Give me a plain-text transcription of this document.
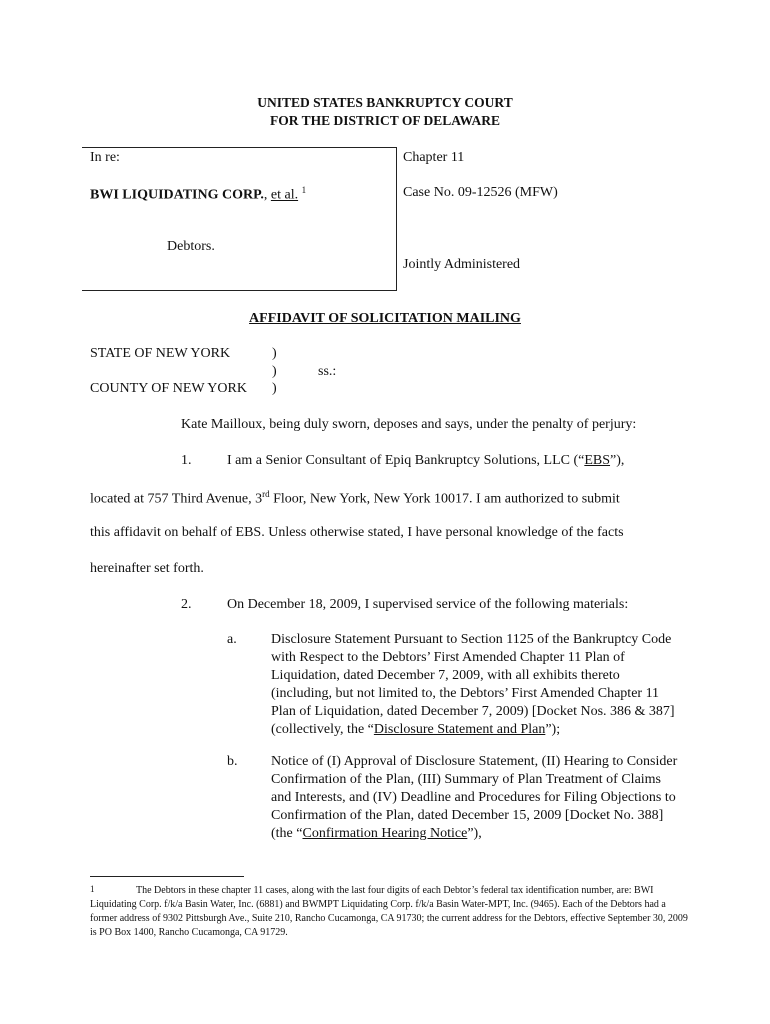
UNITED STATES BANKRUPTCY COURT
FOR THE DISTRICT OF DELAWARE
In re:
BWI LIQUIDATING CORP., et al. $^1$
Debtors.
Chapter 11
Case No. 09-12526 (MFW)
Jointly Administered
AFFIDAVIT OF SOLICITATION MAILING
STATE OF NEW YORK
COUNTY OF NEW YORK
)
)
)
ss.:
Kate Mailloux, being duly sworn, deposes and says, under the penalty of perjury:
1.	I am a Senior Consultant of Epiq Bankruptcy Solutions, LLC (“EBS”),
located at 757 Third Avenue, 3rd Floor, New York, New York 10017. I am authorized to submit
this affidavit on behalf of EBS. Unless otherwise stated, I have personal knowledge of the facts
hereinafter set forth.
2.	On December 18, 2009, I supervised service of the following materials:
a. Disclosure Statement Pursuant to Section 1125 of the Bankruptcy Code with Respect to the Debtors’ First Amended Chapter 11 Plan of Liquidation, dated December 7, 2009, with all exhibits thereto (including, but not limited to, the Debtors’ First Amended Chapter 11 Plan of Liquidation, dated December 7, 2009) [Docket Nos. 386 & 387] (collectively, the “Disclosure Statement and Plan”);
b. Notice of (I) Approval of Disclosure Statement, (II) Hearing to Consider Confirmation of the Plan, (III) Summary of Plan Treatment of Claims and Interests, and (IV) Deadline and Procedures for Filing Objections to Confirmation of the Plan, dated December 15, 2009 [Docket No. 388] (the “Confirmation Hearing Notice”),
1	The Debtors in these chapter 11 cases, along with the last four digits of each Debtor’s federal tax identification number, are: BWI Liquidating Corp. f/k/a Basin Water, Inc. (6881) and BWMPT Liquidating Corp. f/k/a Basin Water-MPT, Inc. (9465). Each of the Debtors had a former address of 9302 Pittsburgh Ave., Suite 210, Rancho Cucamonga, CA 91730; the current address for the Debtors, effective September 30, 2009 is PO Box 1400, Rancho Cucamonga, CA 91729.
